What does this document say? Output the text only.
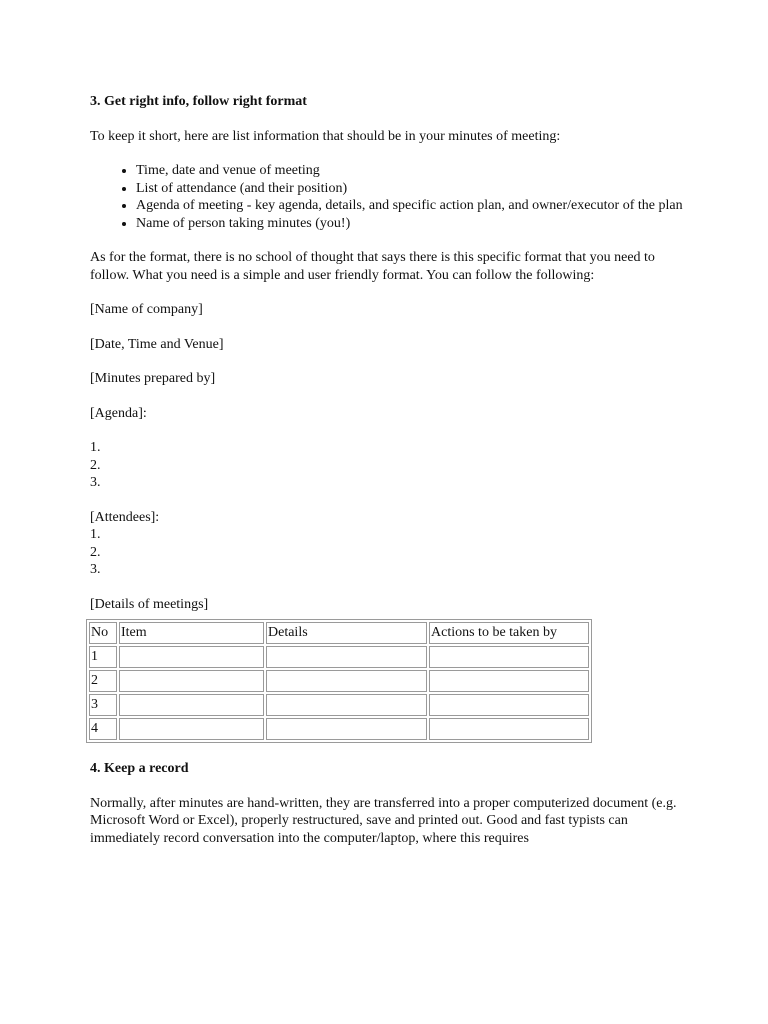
3. Get right info, follow right format

To keep it short, here are list information that should be in your minutes of meeting:

• Time, date and venue of meeting
• List of attendance (and their position)
• Agenda of meeting - key agenda, details, and specific action plan, and owner/executor of the plan
• Name of person taking minutes (you!)

As for the format, there is no school of thought that says there is this specific format that you need to follow. What you need is a simple and user friendly format. You can follow the following:

[Name of company]
[Date, Time and Venue]
[Minutes prepared by]
[Agenda]:
1.
2.
3.
[Attendees]:
1.
2.
3.
[Details of meetings]
No	Item	Details	Actions to be taken by
1			
2			
3			
4			
4. Keep a record

Normally, after minutes are hand-written, they are transferred into a proper computerized document (e.g. Microsoft Word or Excel), properly restructured, save and printed out. Good and fast typists can immediately record conversation into the computer/laptop, where this requires
